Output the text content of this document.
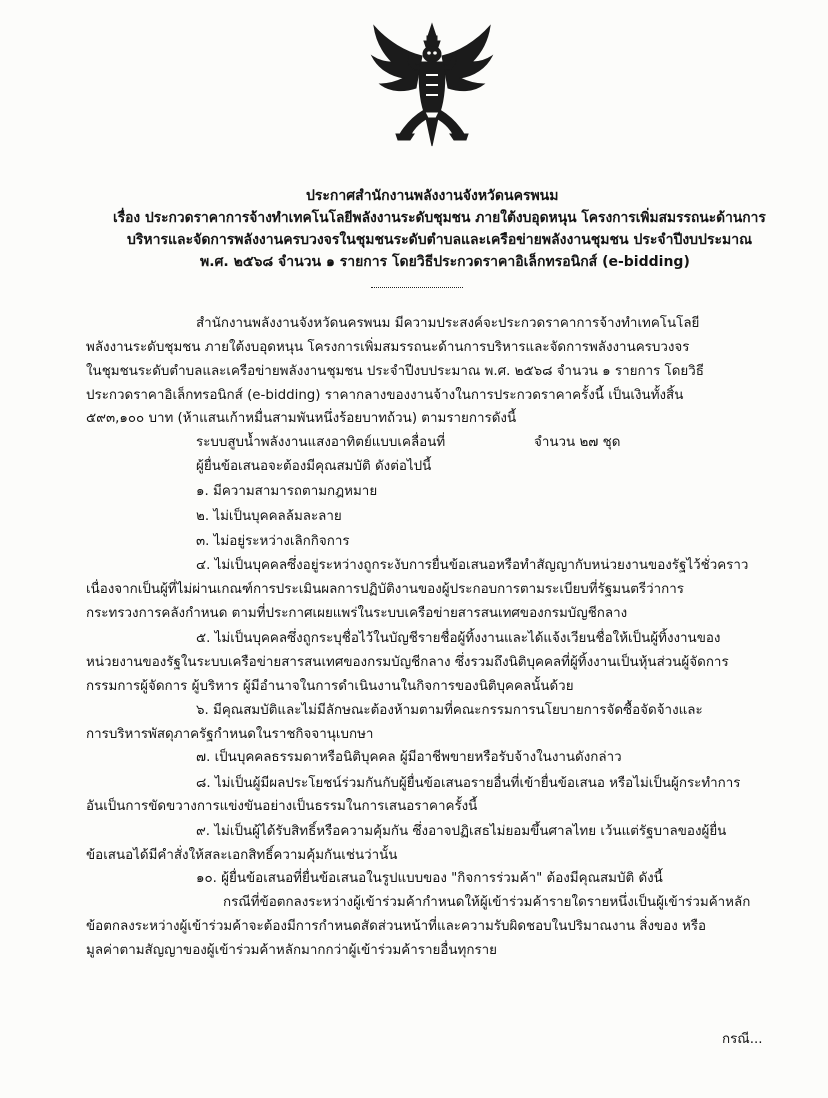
ประกาศสำนักงานพลังงานจังหวัดนครพนม
เรื่อง ประกวดราคาการจ้างทำเทคโนโลยีพลังงานระดับชุมชน ภายใต้งบอุดหนุน โครงการเพิ่มสมรรถนะด้านการ
บริหารและจัดการพลังงานครบวงจรในชุมชนระดับตำบลและเครือข่ายพลังงานชุมชน ประจำปีงบประมาณ
พ.ศ. ๒๕๖๘ จำนวน ๑ รายการ โดยวิธีประกวดราคาอิเล็กทรอนิกส์ (e-bidding)
สำนักงานพลังงานจังหวัดนครพนม มีความประสงค์จะประกวดราคาการจ้างทำเทคโนโลยี
พลังงานระดับชุมชน ภายใต้งบอุดหนุน โครงการเพิ่มสมรรถนะด้านการบริหารและจัดการพลังงานครบวงจร
ในชุมชนระดับตำบลและเครือข่ายพลังงานชุมชน ประจำปีงบประมาณ พ.ศ. ๒๕๖๘ จำนวน ๑ รายการ โดยวิธี
ประกวดราคาอิเล็กทรอนิกส์ (e-bidding) ราคากลางของงานจ้างในการประกวดราคาครั้งนี้ เป็นเงินทั้งสิ้น
๕๙๓,๑๐๐ บาท (ห้าแสนเก้าหมื่นสามพันหนึ่งร้อยบาทถ้วน) ตามรายการดังนี้
ระบบสูบน้ำพลังงานแสงอาทิตย์แบบเคลื่อนที่	จำนวน ๒๗ ชุด
ผู้ยื่นข้อเสนอจะต้องมีคุณสมบัติ ดังต่อไปนี้
๑. มีความสามารถตามกฎหมาย
๒. ไม่เป็นบุคคลล้มละลาย
๓. ไม่อยู่ระหว่างเลิกกิจการ
๔. ไม่เป็นบุคคลซึ่งอยู่ระหว่างถูกระงับการยื่นข้อเสนอหรือทำสัญญากับหน่วยงานของรัฐไว้ชั่วคราว
เนื่องจากเป็นผู้ที่ไม่ผ่านเกณฑ์การประเมินผลการปฏิบัติงานของผู้ประกอบการตามระเบียบที่รัฐมนตรีว่าการ
กระทรวงการคลังกำหนด ตามที่ประกาศเผยแพร่ในระบบเครือข่ายสารสนเทศของกรมบัญชีกลาง
๕. ไม่เป็นบุคคลซึ่งถูกระบุชื่อไว้ในบัญชีรายชื่อผู้ทิ้งงานและได้แจ้งเวียนชื่อให้เป็นผู้ทิ้งงานของ
หน่วยงานของรัฐในระบบเครือข่ายสารสนเทศของกรมบัญชีกลาง ซึ่งรวมถึงนิติบุคคลที่ผู้ทิ้งงานเป็นหุ้นส่วนผู้จัดการ
กรรมการผู้จัดการ ผู้บริหาร ผู้มีอำนาจในการดำเนินงานในกิจการของนิติบุคคลนั้นด้วย
๖. มีคุณสมบัติและไม่มีลักษณะต้องห้ามตามที่คณะกรรมการนโยบายการจัดซื้อจัดจ้างและ
การบริหารพัสดุภาครัฐกำหนดในราชกิจจานุเบกษา
๗. เป็นบุคคลธรรมดาหรือนิติบุคคล ผู้มีอาชีพขายหรือรับจ้างในงานดังกล่าว
๘. ไม่เป็นผู้มีผลประโยชน์ร่วมกันกับผู้ยื่นข้อเสนอรายอื่นที่เข้ายื่นข้อเสนอ หรือไม่เป็นผู้กระทำการ
อันเป็นการขัดขวางการแข่งขันอย่างเป็นธรรมในการเสนอราคาครั้งนี้
๙. ไม่เป็นผู้ได้รับสิทธิ์หรือความคุ้มกัน ซึ่งอาจปฏิเสธไม่ยอมขึ้นศาลไทย เว้นแต่รัฐบาลของผู้ยื่น
ข้อเสนอได้มีคำสั่งให้สละเอกสิทธิ์ความคุ้มกันเช่นว่านั้น
๑๐. ผู้ยื่นข้อเสนอที่ยื่นข้อเสนอในรูปแบบของ "กิจการร่วมค้า" ต้องมีคุณสมบัติ ดังนี้
กรณีที่ข้อตกลงระหว่างผู้เข้าร่วมค้ากำหนดให้ผู้เข้าร่วมค้ารายใดรายหนึ่งเป็นผู้เข้าร่วมค้าหลัก
ข้อตกลงระหว่างผู้เข้าร่วมค้าจะต้องมีการกำหนดสัดส่วนหน้าที่และความรับผิดชอบในปริมาณงาน สิ่งของ หรือ
มูลค่าตามสัญญาของผู้เข้าร่วมค้าหลักมากกว่าผู้เข้าร่วมค้ารายอื่นทุกราย
กรณี...
